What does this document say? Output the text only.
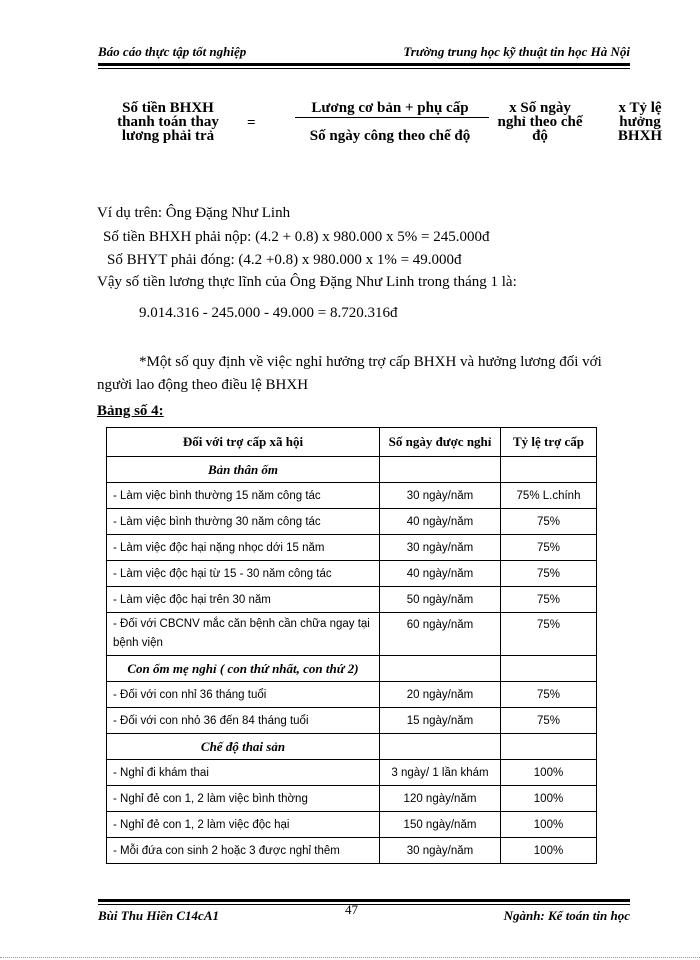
Báo cáo thực tập tốt nghiệp	Trường trung học kỹ thuật tin học Hà Nội
Số tiền BHXH
thanh toán thay
lương phải trả
=
Lương cơ bản + phụ cấp
Số ngày công theo chế độ
x Số ngày
nghỉ theo chế
độ
x Tỷ lệ
hưởng
BHXH
Ví dụ trên: Ông Đặng Như Linh
Số tiền BHXH phải nộp: (4.2 + 0.8) x 980.000 x 5% = 245.000đ
Số BHYT phải đóng: (4.2 +0.8) x 980.000 x 1% = 49.000đ
Vậy số tiền lương thực lĩnh của Ông Đặng Như Linh trong tháng 1 là:
9.014.316 - 245.000 - 49.000 = 8.720.316đ
*Một số quy định về việc nghỉ hưởng trợ cấp BHXH và hưởng lương đối với
người lao động theo điều lệ BHXH
Bảng số 4:
Đối với trợ cấp xã hội	Số ngày được nghỉ	Tỷ lệ trợ cấp
Bản thân ốm		
- Làm việc bình thường 15 năm công tác	30 ngày/năm	75% L.chính
- Làm việc bình thường 30 năm công tác	40 ngày/năm	75%
- Làm việc độc hại nặng nhọc dới 15 năm	30 ngày/năm	75%
- Làm việc độc hại từ 15 - 30 năm công tác	40 ngày/năm	75%
- Làm việc độc hại trên 30 năm	50 ngày/năm	75%
- Đối với CBCNV mắc căn bệnh cần chữa ngay tại bệnh viện	60 ngày/năm	75%
Con ốm mẹ nghỉ ( con thứ nhất, con thứ 2)		
- Đối với con nhỉ 36 tháng tuổi	20 ngày/năm	75%
- Đối với con nhỏ 36 đến 84 tháng tuổi	15 ngày/năm	75%
Chế độ thai sản		
- Nghỉ đi khám thai	3 ngày/ 1 lần khám	100%
- Nghỉ đẻ con 1, 2 làm việc bình thờng	120 ngày/năm	100%
- Nghỉ đẻ con 1, 2 làm việc độc hại	150 ngày/năm	100%
- Mỗi đứa con sinh 2 hoặc 3 được nghỉ thêm	30 ngày/năm	100%
Bùi Thu Hiền C14cA1	47	Ngành: Kế toán tin học
